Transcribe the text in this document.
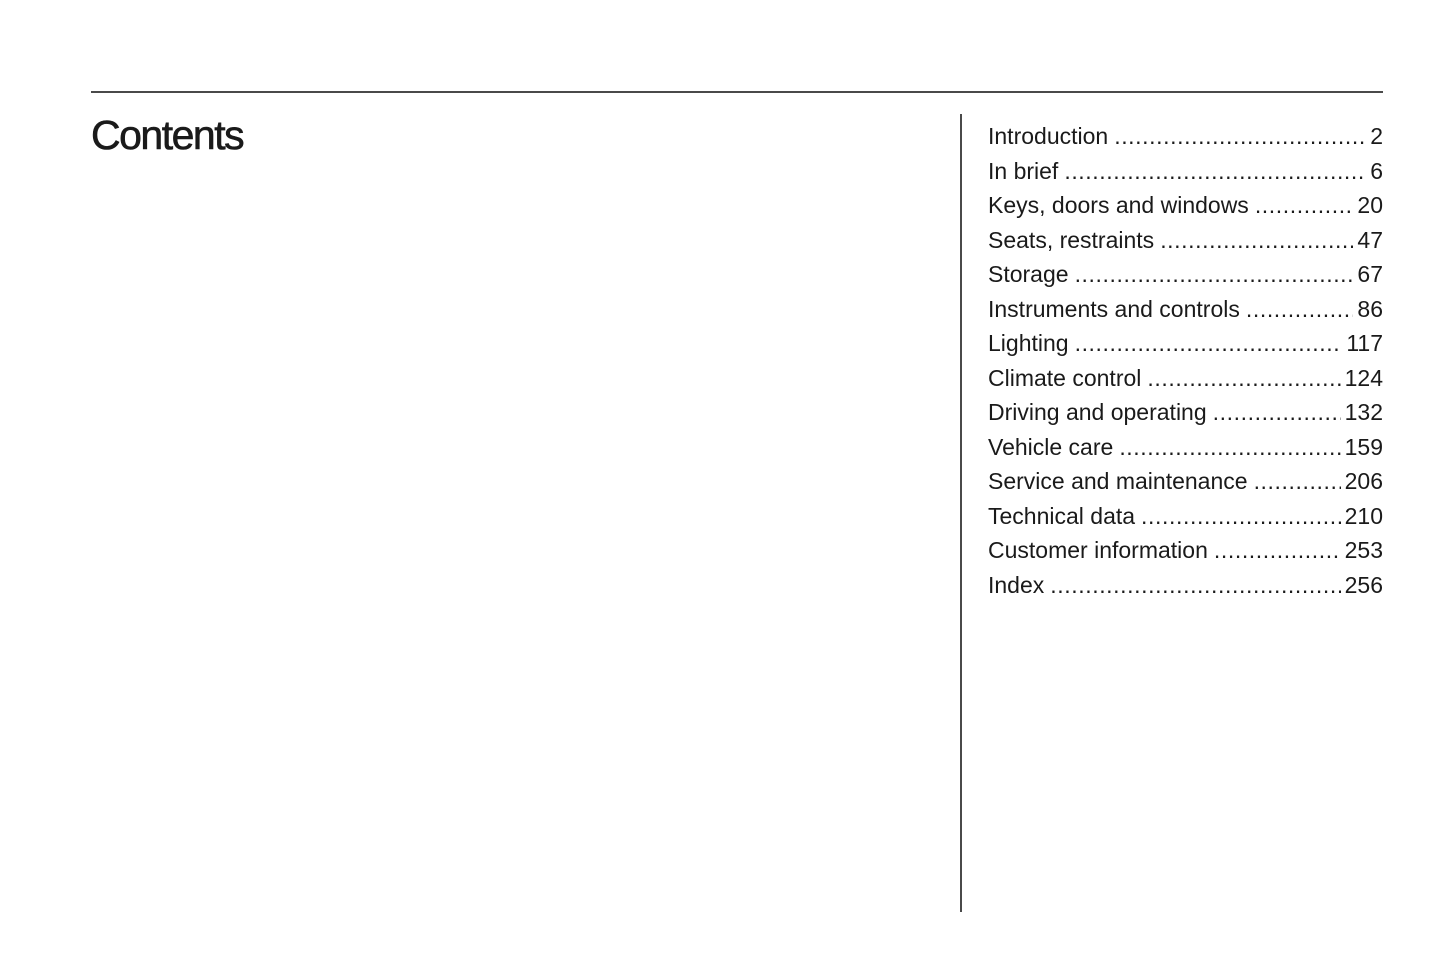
Contents	Introduction .....	2
In brief .....	6
Keys, doors and windows .....	20
Seats, restraints .....	47
Storage .....	67
Instruments and controls .....	86
Lighting .....	117
Climate control .....	124
Driving and operating .....	132
Vehicle care .....	159
Service and maintenance .....	206
Technical data .....	210
Customer information .....	253
Index .....	256
